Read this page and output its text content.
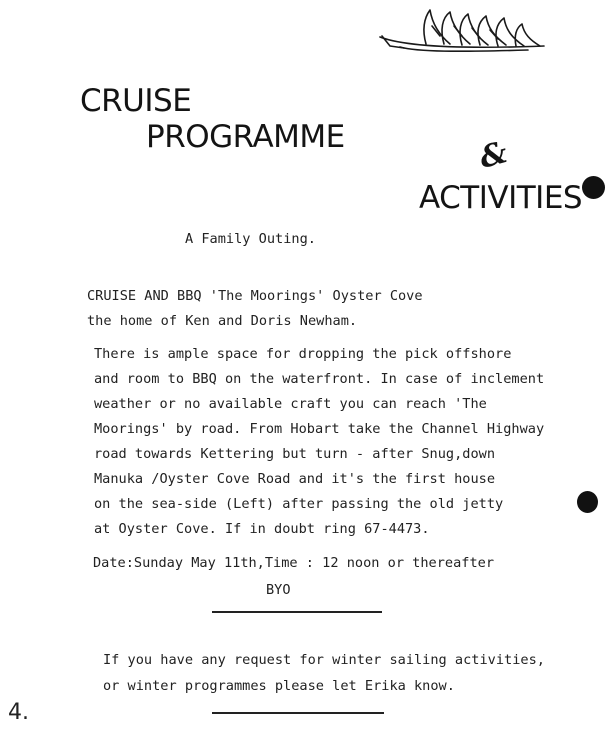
CRUISE
PROGRAMME	&
ACTIVITIES
A Family Outing.
CRUISE AND BBQ 'The Moorings' Oyster Cove
the home of Ken and Doris Newham.
There is ample space for dropping the pick offshore
and room to BBQ on the waterfront. In case of inclement
weather or no available craft you can reach 'The
Moorings' by road. From Hobart take the Channel Highway
road towards Kettering but turn - after Snug,down
Manuka /Oyster Cove Road and it's the first house
on the sea-side (Left) after passing the old jetty
at Oyster Cove. If in doubt ring 67-4473.
Date:Sunday May 11th,Time : 12 noon or thereafter
BYO
If you have any request for winter sailing activities,
or winter programmes please let Erika know.
4.
